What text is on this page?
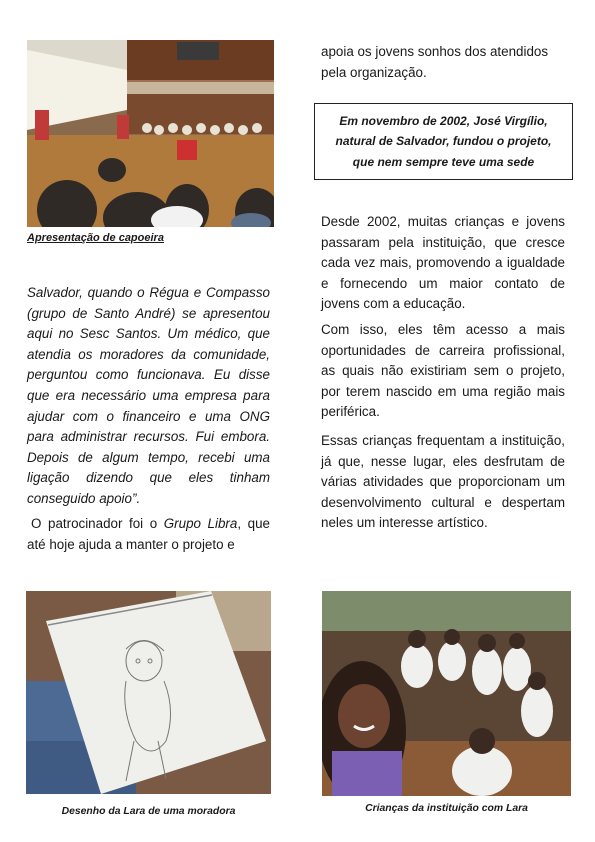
Apresentação de capoeira

Salvador, quando o Régua e Compasso (grupo de Santo André) se apresentou aqui no Sesc Santos. Um médico, que atendia os moradores da comunidade, perguntou como funcionava. Eu disse que era necessário uma empresa para ajudar com o financeiro e uma ONG para administrar recursos. Fui embora. Depois de algum tempo, recebi uma ligação dizendo que eles tinham conseguido apoio”.

O patrocinador foi o Grupo Libra, que até hoje ajuda a manter o projeto e

apoia os jovens sonhos dos atendidos pela organização.

Em novembro de 2002, José Virgílio, natural de Salvador, fundou o projeto, que nem sempre teve uma sede

Desde 2002, muitas crianças e jovens passaram pela instituição, que cresce cada vez mais, promovendo a igualdade e fornecendo um maior contato de jovens com a educação.

Com isso, eles têm acesso a mais oportunidades de carreira profissional, as quais não existiriam sem o projeto, por terem nascido em uma região mais periférica.

Essas crianças frequentam a instituição, já que, nesse lugar, eles desfrutam de várias atividades que proporcionam um desenvolvimento cultural e despertam neles um interesse artístico.

Desenho da Lara de uma moradora	Crianças da instituição com Lara
